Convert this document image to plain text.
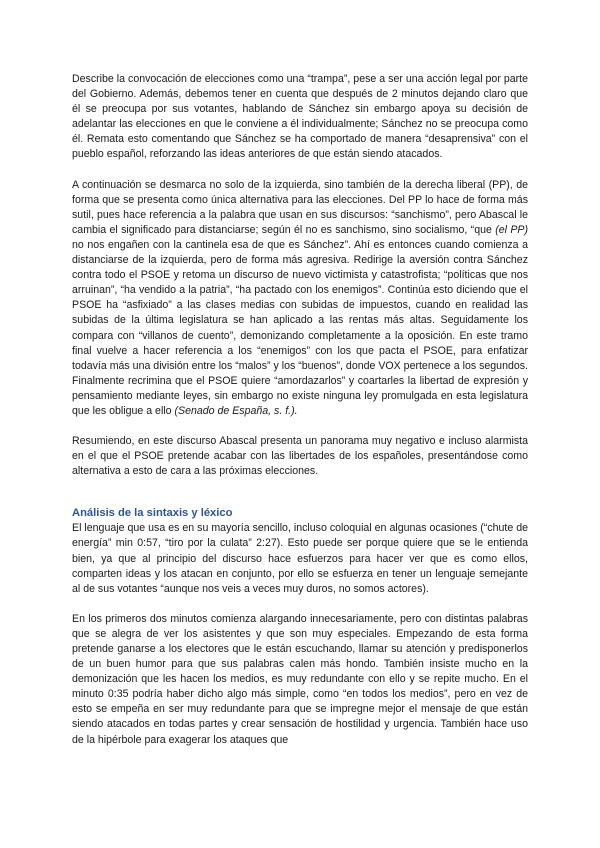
Describe la convocación de elecciones como una “trampa”, pese a ser una acción legal por parte del Gobierno. Además, debemos tener en cuenta que después de 2 minutos dejando claro que él se preocupa por sus votantes, hablando de Sánchez sin embargo apoya su decisión de adelantar las elecciones en que le conviene a él individualmente; Sánchez no se preocupa como él. Remata esto comentando que Sánchez se ha comportado de manera “desaprensiva” con el pueblo español, reforzando las ideas anteriores de que están siendo atacados.

A continuación se desmarca no solo de la izquierda, sino también de la derecha liberal (PP), de forma que se presenta como única alternativa para las elecciones. Del PP lo hace de forma más sutil, pues hace referencia a la palabra que usan en sus discursos: “sanchismo”, pero Abascal le cambia el significado para distanciarse; según él no es sanchismo, sino socialismo, “que (el PP) no nos engañen con la cantinela esa de que es Sánchez”. Ahí es entonces cuando comienza a distanciarse de la izquierda, pero de forma más agresiva. Redirige la aversión contra Sánchez contra todo el PSOE y retoma un discurso de nuevo victimista y catastrofista; “políticas que nos arruinan”, “ha vendido a la patria”, “ha pactado con los enemigos”. Continúa esto diciendo que el PSOE ha “asfixiado” a las clases medias con subidas de impuestos, cuando en realidad las subidas de la última legislatura se han aplicado a las rentas más altas. Seguidamente los compara con “villanos de cuento”, demonizando completamente a la oposición. En este tramo final vuelve a hacer referencia a los “enemigos” con los que pacta el PSOE, para enfatizar todavía más una división entre los “malos” y los “buenos”, donde VOX pertenece a los segundos. Finalmente recrimina que el PSOE quiere “amordazarlos” y coartarles la libertad de expresión y pensamiento mediante leyes, sin embargo no existe ninguna ley promulgada en esta legislatura que les obligue a ello (Senado de España, s. f.).

Resumiendo, en este discurso Abascal presenta un panorama muy negativo e incluso alarmista en el que el PSOE pretende acabar con las libertades de los españoles, presentándose como alternativa a esto de cara a las próximas elecciones.

Análisis de la sintaxis y léxico

El lenguaje que usa es en su mayoría sencillo, incluso coloquial en algunas ocasiones (“chute de energía” min 0:57, “tiro por la culata” 2:27). Esto puede ser porque quiere que se le entienda bien, ya que al principio del discurso hace esfuerzos para hacer ver que es como ellos, comparten ideas y los atacan en conjunto, por ello se esfuerza en tener un lenguaje semejante al de sus votantes “aunque nos veis a veces muy duros, no somos actores).

En los primeros dos minutos comienza alargando innecesariamente, pero con distintas palabras que se alegra de ver los asistentes y que son muy especiales. Empezando de esta forma pretende ganarse a los electores que le están escuchando, llamar su atención y predisponerlos de un buen humor para que sus palabras calen más hondo. También insiste mucho en la demonización que les hacen los medios, es muy redundante con ello y se repite mucho. En el minuto 0:35 podría haber dicho algo más simple, como “en todos los medios”, pero en vez de esto se empeña en ser muy redundante para que se impregne mejor el mensaje de que están siendo atacados en todas partes y crear sensación de hostilidad y urgencia. También hace uso de la hipérbole para exagerar los ataques que
